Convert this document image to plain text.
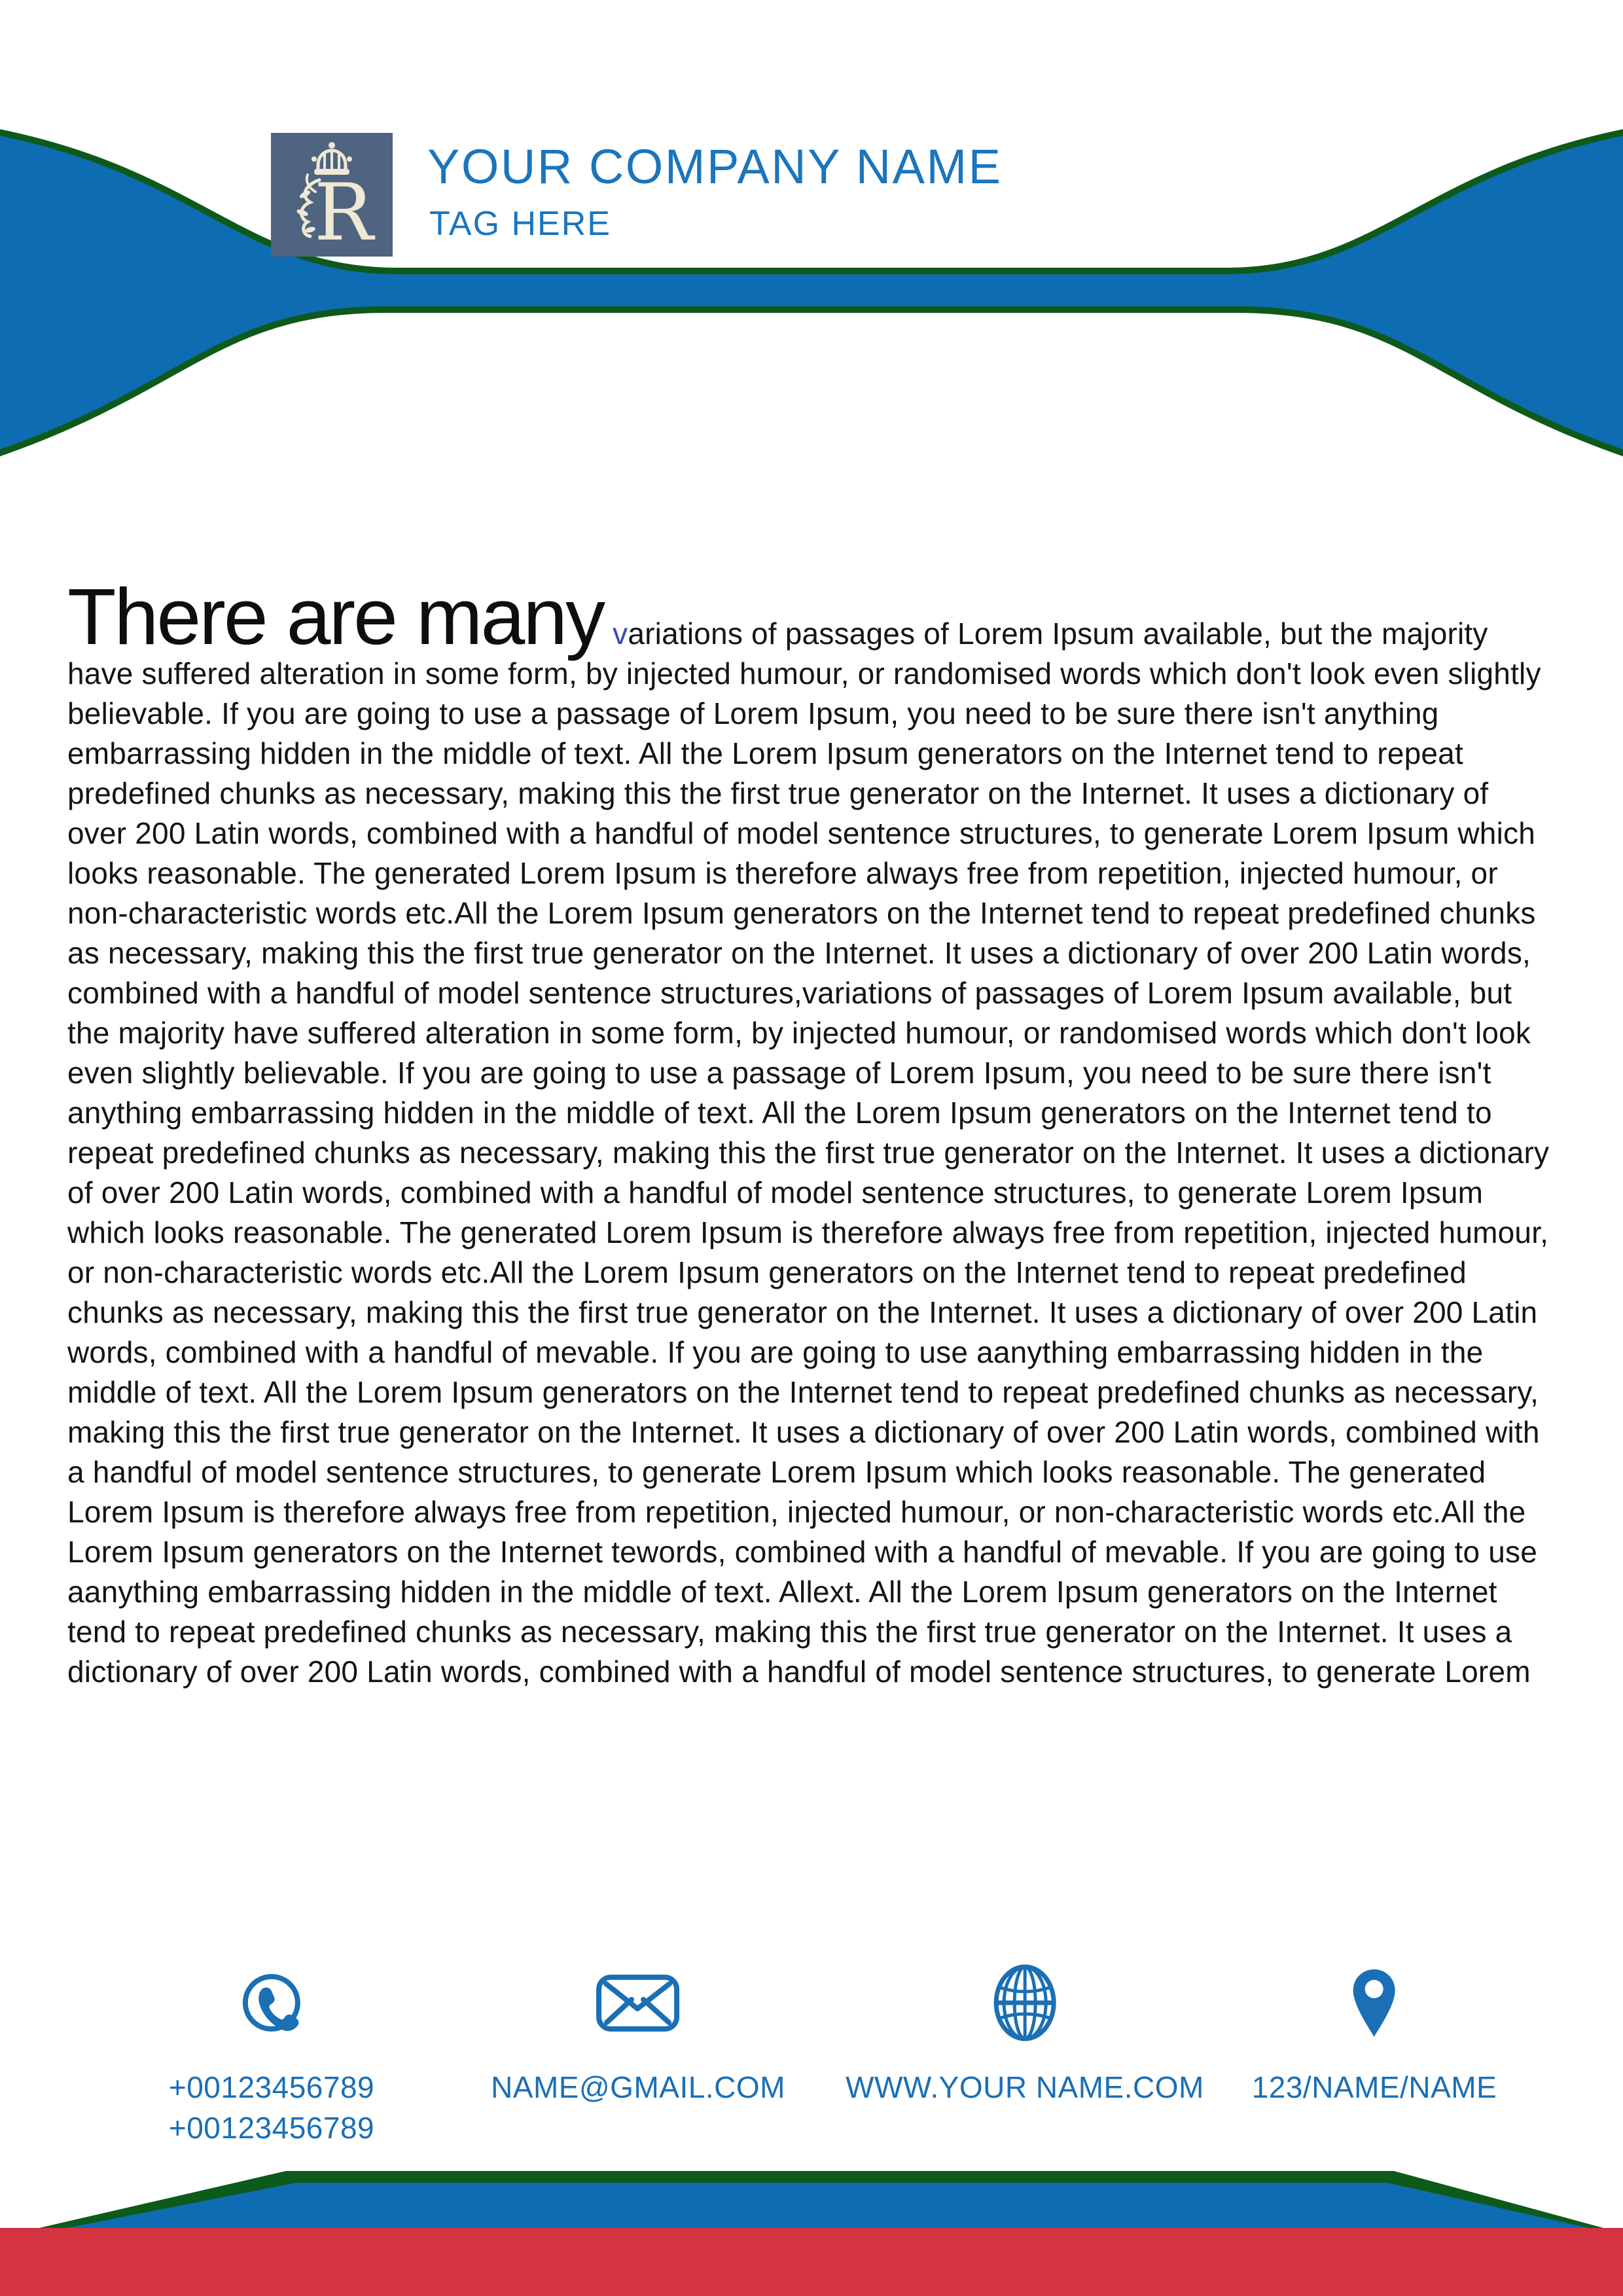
R
YOUR COMPANY NAME
TAG HERE
There are many variations of passages of Lorem Ipsum available, but the majority have suffered alteration in some form, by injected humour, or randomised words which don't look even slightly believable. If you are going to use a passage of Lorem Ipsum, you need to be sure there isn't anything embarrassing hidden in the middle of text. All the Lorem Ipsum generators on the Internet tend to repeat predefined chunks as necessary, making this the first true generator on the Internet. It uses a dictionary of over 200 Latin words, combined with a handful of model sentence structures, to generate Lorem Ipsum which looks reasonable. The generated Lorem Ipsum is therefore always free from repetition, injected humour, or non-characteristic words etc.All the Lorem Ipsum generators on the Internet tend to repeat predefined chunks as necessary, making this the first true generator on the Internet. It uses a dictionary of over 200 Latin words, combined with a handful of model sentence structures,variations of passages of Lorem Ipsum available, but the majority have suffered alteration in some form, by injected humour, or randomised words which don't look even slightly believable. If you are going to use a passage of Lorem Ipsum, you need to be sure there isn't anything embarrassing hidden in the middle of text. All the Lorem Ipsum generators on the Internet tend to repeat predefined chunks as necessary, making this the first true generator on the Internet. It uses a dictionary of over 200 Latin words, combined with a handful of model sentence structures, to generate Lorem Ipsum which looks reasonable. The generated Lorem Ipsum is therefore always free from repetition, injected humour, or non-characteristic words etc.All the Lorem Ipsum generators on the Internet tend to repeat predefined chunks as necessary, making this the first true generator on the Internet. It uses a dictionary of over 200 Latin words, combined with a handful of mevable. If you are going to use aanything embarrassing hidden in the middle of text. All the Lorem Ipsum generators on the Internet tend to repeat predefined chunks as necessary, making this the first true generator on the Internet. It uses a dictionary of over 200 Latin words, combined with a handful of model sentence structures, to generate Lorem Ipsum which looks reasonable. The generated Lorem Ipsum is therefore always free from repetition, injected humour, or non-characteristic words etc.All the Lorem Ipsum generators on the Internet tewords, combined with a handful of mevable. If you are going to use aanything embarrassing hidden in the middle of text. Allext. All the Lorem Ipsum generators on the Internet tend to repeat predefined chunks as necessary, making this the first true generator on the Internet. It uses a dictionary of over 200 Latin words, combined with a handful of model sentence structures, to generate Lorem
+00123456789
+00123456789
NAME@GMAIL.COM WWW.YOUR NAME.COM 123/NAME/NAME
